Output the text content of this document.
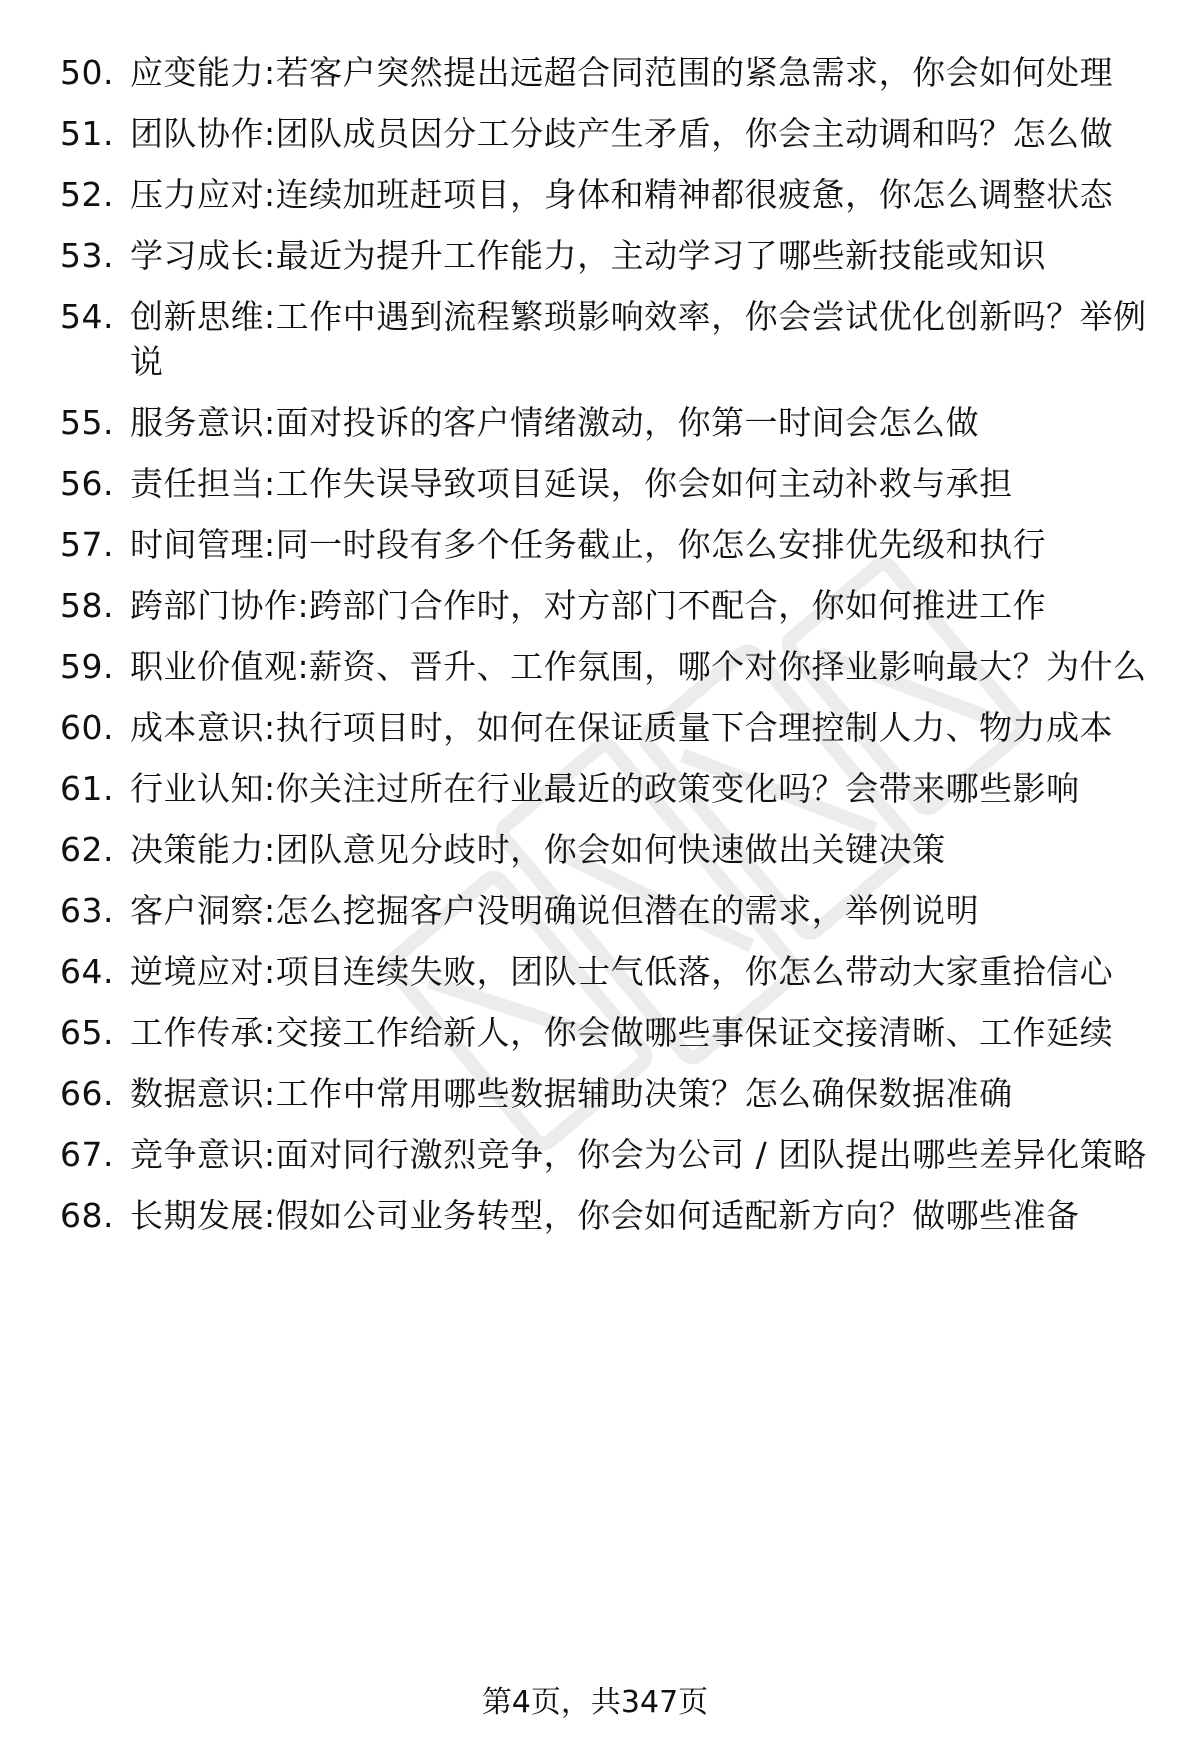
50. 应变能力:若客户突然提出远超合同范围的紧急需求，你会如何处理
51. 团队协作:团队成员因分工分歧产生矛盾，你会主动调和吗？怎么做
52. 压力应对:连续加班赶项目，身体和精神都很疲惫，你怎么调整状态
53. 学习成长:最近为提升工作能力，主动学习了哪些新技能或知识
54. 创新思维:工作中遇到流程繁琐影响效率，你会尝试优化创新吗？举例说
55. 服务意识:面对投诉的客户情绪激动，你第一时间会怎么做
56. 责任担当:工作失误导致项目延误，你会如何主动补救与承担
57. 时间管理:同一时段有多个任务截止，你怎么安排优先级和执行
58. 跨部门协作:跨部门合作时，对方部门不配合，你如何推进工作
59. 职业价值观:薪资、晋升、工作氛围，哪个对你择业影响最大？为什么
60. 成本意识:执行项目时，如何在保证质量下合理控制人力、物力成本
61. 行业认知:你关注过所在行业最近的政策变化吗？会带来哪些影响
62. 决策能力:团队意见分歧时，你会如何快速做出关键决策
63. 客户洞察:怎么挖掘客户没明确说但潜在的需求，举例说明
64. 逆境应对:项目连续失败，团队士气低落，你怎么带动大家重拾信心
65. 工作传承:交接工作给新人，你会做哪些事保证交接清晰、工作延续
66. 数据意识:工作中常用哪些数据辅助决策？怎么确保数据准确
67. 竞争意识:面对同行激烈竞争，你会为公司 / 团队提出哪些差异化策略
68. 长期发展:假如公司业务转型，你会如何适配新方向？做哪些准备
第4页，共347页
